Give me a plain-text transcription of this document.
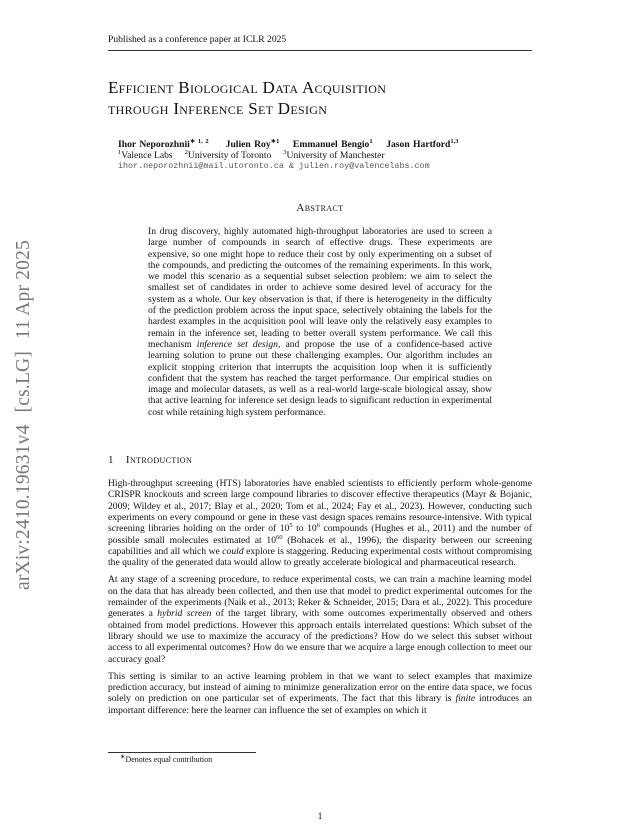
arXiv:2410.19631v4[cs.LG]11 Apr 2025
Published as a conference paper at ICLR 2025
Efficient Biological Data Acquisition
through Inference Set Design
Ihor Neporozhnii$^{∗ 1, 2}$ Julien Roy$^{∗1}$ Emmanuel Bengio$^1$ Jason Hartford$^{1,3}$
$^1$Valence Labs $^2$University of Toronto $^3$University of Manchester
ihor.neporozhnii@mail.utoronto.ca & julien.roy@valencelabs.com
Abstract
In drug discovery, highly automated high-throughput laboratories are used to screen a large number of compounds in search of effective drugs. These experiments are expensive, so one might hope to reduce their cost by only experimenting on a subset of the compounds, and predicting the outcomes of the remaining experiments. In this work, we model this scenario as a sequential subset selection problem: we aim to select the smallest set of candidates in order to achieve some desired level of accuracy for the system as a whole. Our key observation is that, if there is heterogeneity in the difficulty of the prediction problem across the input space, selectively obtaining the labels for the hardest examples in the acquisition pool will leave only the relatively easy examples to remain in the inference set, leading to better overall system performance. We call this mechanism inference set design, and propose the use of a confidence-based active learning solution to prune out these challenging examples. Our algorithm includes an explicit stopping criterion that interrupts the acquisition loop when it is sufficiently confident that the system has reached the target performance. Our empirical studies on image and molecular datasets, as well as a real-world large-scale biological assay, show that active learning for inference set design leads to significant reduction in experimental cost while retaining high system performance.
1 Introduction
High-throughput screening (HTS) laboratories have enabled scientists to efficiently perform whole-genome CRISPR knockouts and screen large compound libraries to discover effective therapeutics (Mayr & Bojanic, 2009; Wildey et al., 2017; Blay et al., 2020; Tom et al., 2024; Fay et al., 2023). However, conducting such experiments on every compound or gene in these vast design spaces remains resource-intensive. With typical screening libraries holding on the order of $10^5$ to $10^6$ compounds (Hughes et al., 2011) and the number of possible small molecules estimated at $10^{60}$ (Bohacek et al., 1996), the disparity between our screening capabilities and all which we could explore is staggering. Reducing experimental costs without compromising the quality of the generated data would allow to greatly accelerate biological and pharmaceutical research.
At any stage of a screening procedure, to reduce experimental costs, we can train a machine learning model on the data that has already been collected, and then use that model to predict experimental outcomes for the remainder of the experiments (Naik et al., 2013; Reker & Schneider, 2015; Dara et al., 2022). This procedure generates a hybrid screen of the target library, with some outcomes experimentally observed and others obtained from model predictions. However this approach entails interrelated questions: Which subset of the library should we use to maximize the accuracy of the predictions? How do we select this subset without access to all experimental outcomes? How do we ensure that we acquire a large enough collection to meet our accuracy goal?
This setting is similar to an active learning problem in that we want to select examples that maximize prediction accuracy, but instead of aiming to minimize generalization error on the entire data space, we focus solely on prediction on one particular set of experiments. The fact that this library is finite introduces an important difference: here the learner can influence the set of examples on which it
∗Denotes equal contribution
1
